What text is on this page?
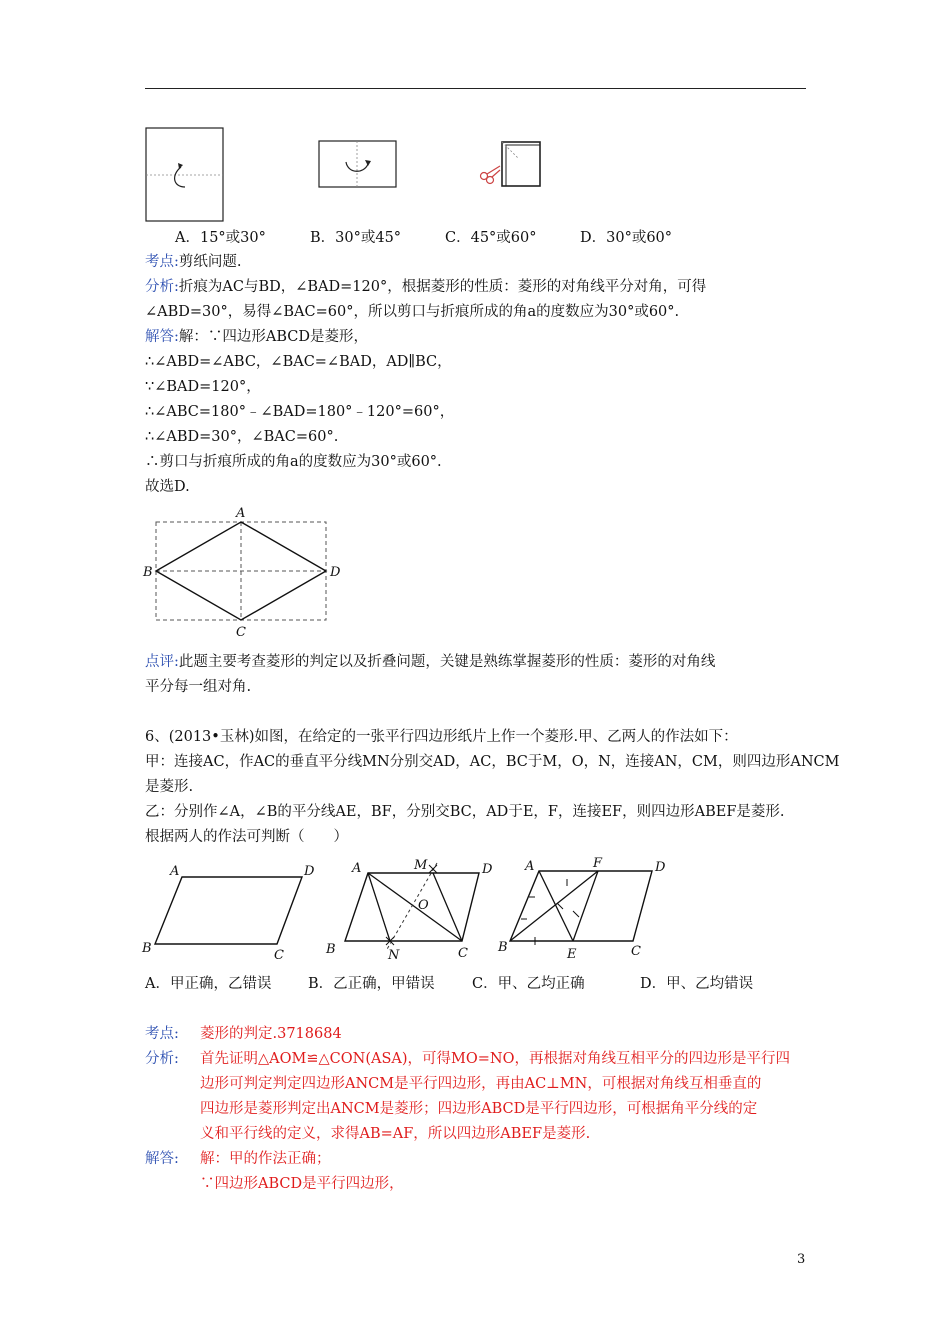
A．15°或30°	B．30°或45°	C．45°或60°	D．30°或60°
考点:剪纸问题.
分析:折痕为AC与BD，∠BAD=120°，根据菱形的性质：菱形的对角线平分对角，可得
∠ABD=30°，易得∠BAC=60°，所以剪口与折痕所成的角a的度数应为30°或60°.
解答:解：∵四边形ABCD是菱形，
∴∠ABD=∠ABC，∠BAC=∠BAD，AD∥BC，
∵∠BAD=120°，
∴∠ABC=180°﹣∠BAD=180°﹣120°=60°，
∴∠ABD=30°，∠BAC=60°.
∴剪口与折痕所成的角a的度数应为30°或60°.
故选D.
A
B
C
D
点评:此题主要考查菱形的判定以及折叠问题，关键是熟练掌握菱形的性质：菱形的对角线
平分每一组对角.
6、(2013•玉林)如图，在给定的一张平行四边形纸片上作一个菱形.甲、乙两人的作法如下：
甲：连接AC，作AC的垂直平分线MN分别交AD，AC，BC于M，O，N，连接AN，CM，则四边形ANCM
是菱形.
乙：分别作∠A，∠B的平分线AE，BF，分别交BC，AD于E，F，连接EF，则四边形ABEF是菱形.
根据两人的作法可判断（　　）
A	D
B	C
A	M	D
O
B	N	C
A	F	D
B	E	C
A．甲正确，乙错误	B．乙正确，甲错误	C．甲、乙均正确	D．甲、乙均错误
考点: 菱形的判定.3718684
分析: 首先证明△AOM≌△CON(ASA)，可得MO=NO，再根据对角线互相平分的四边形是平行四
边形可判定判定四边形ANCM是平行四边形，再由AC⊥MN，可根据对角线互相垂直的
四边形是菱形判定出ANCM是菱形；四边形ABCD是平行四边形，可根据角平分线的定
义和平行线的定义，求得AB=AF，所以四边形ABEF是菱形.
解答: 解：甲的作法正确；
∵四边形ABCD是平行四边形，
3
